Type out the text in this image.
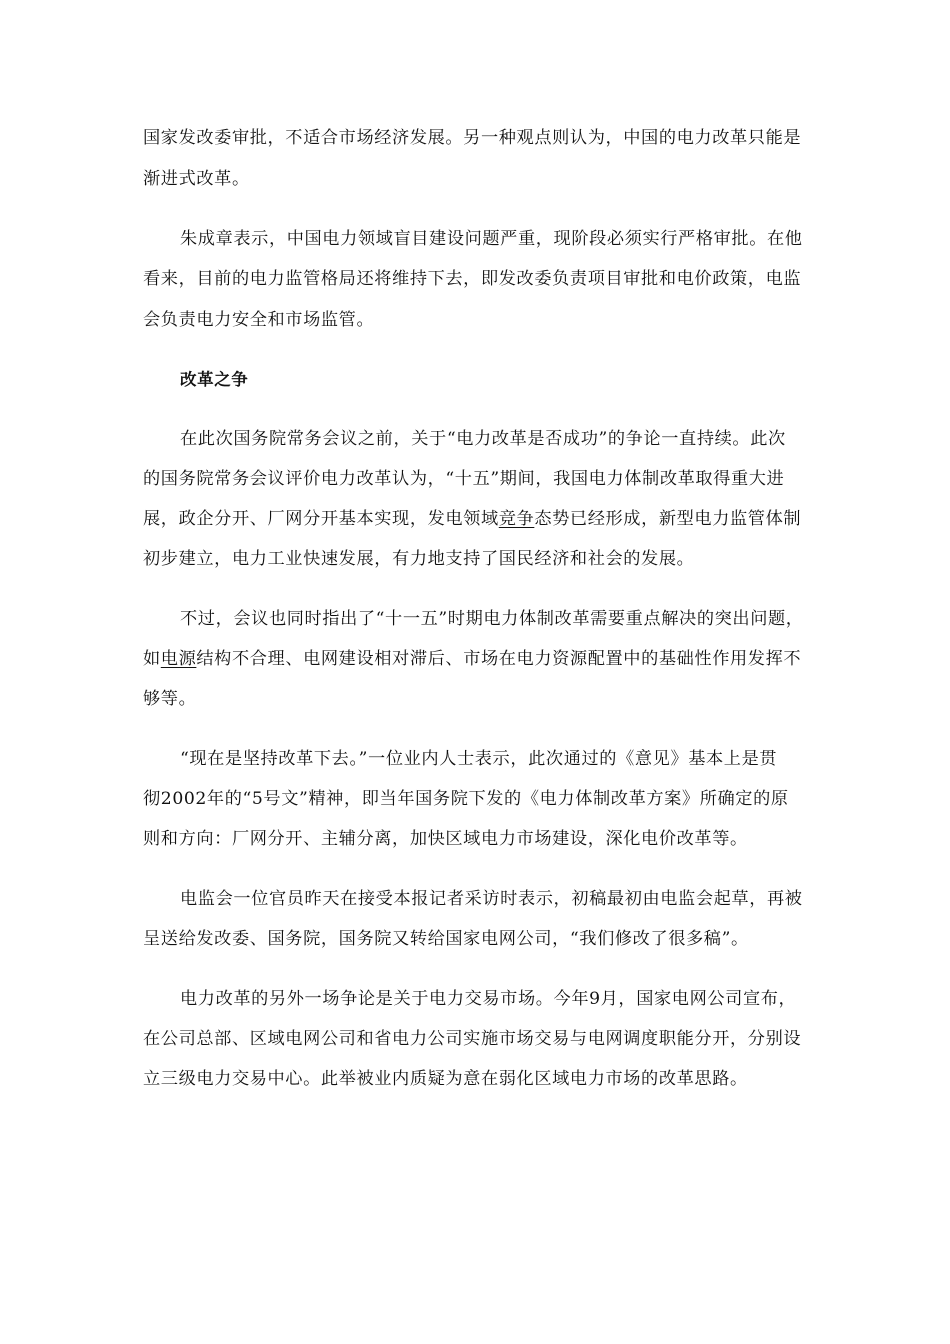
国家发改委审批，不适合市场经济发展。另一种观点则认为，中国的电力改革只能是
渐进式改革。
朱成章表示，中国电力领域盲目建设问题严重，现阶段必须实行严格审批。在他
看来，目前的电力监管格局还将维持下去，即发改委负责项目审批和电价政策，电监
会负责电力安全和市场监管。
改革之争
在此次国务院常务会议之前，关于“电力改革是否成功”的争论一直持续。此次
的国务院常务会议评价电力改革认为，“十五”期间，我国电力体制改革取得重大进
展，政企分开、厂网分开基本实现，发电领域竞争态势已经形成，新型电力监管体制
初步建立，电力工业快速发展，有力地支持了国民经济和社会的发展。
不过，会议也同时指出了“十一五”时期电力体制改革需要重点解决的突出问题，
如电源结构不合理、电网建设相对滞后、市场在电力资源配置中的基础性作用发挥不
够等。
“现在是坚持改革下去。”一位业内人士表示，此次通过的《意见》基本上是贯
彻2002年的“5号文”精神，即当年国务院下发的《电力体制改革方案》所确定的原
则和方向：厂网分开、主辅分离，加快区域电力市场建设，深化电价改革等。
电监会一位官员昨天在接受本报记者采访时表示，初稿最初由电监会起草，再被
呈送给发改委、国务院，国务院又转给国家电网公司，“我们修改了很多稿”。
电力改革的另外一场争论是关于电力交易市场。今年9月，国家电网公司宣布，
在公司总部、区域电网公司和省电力公司实施市场交易与电网调度职能分开，分别设
立三级电力交易中心。此举被业内质疑为意在弱化区域电力市场的改革思路。
